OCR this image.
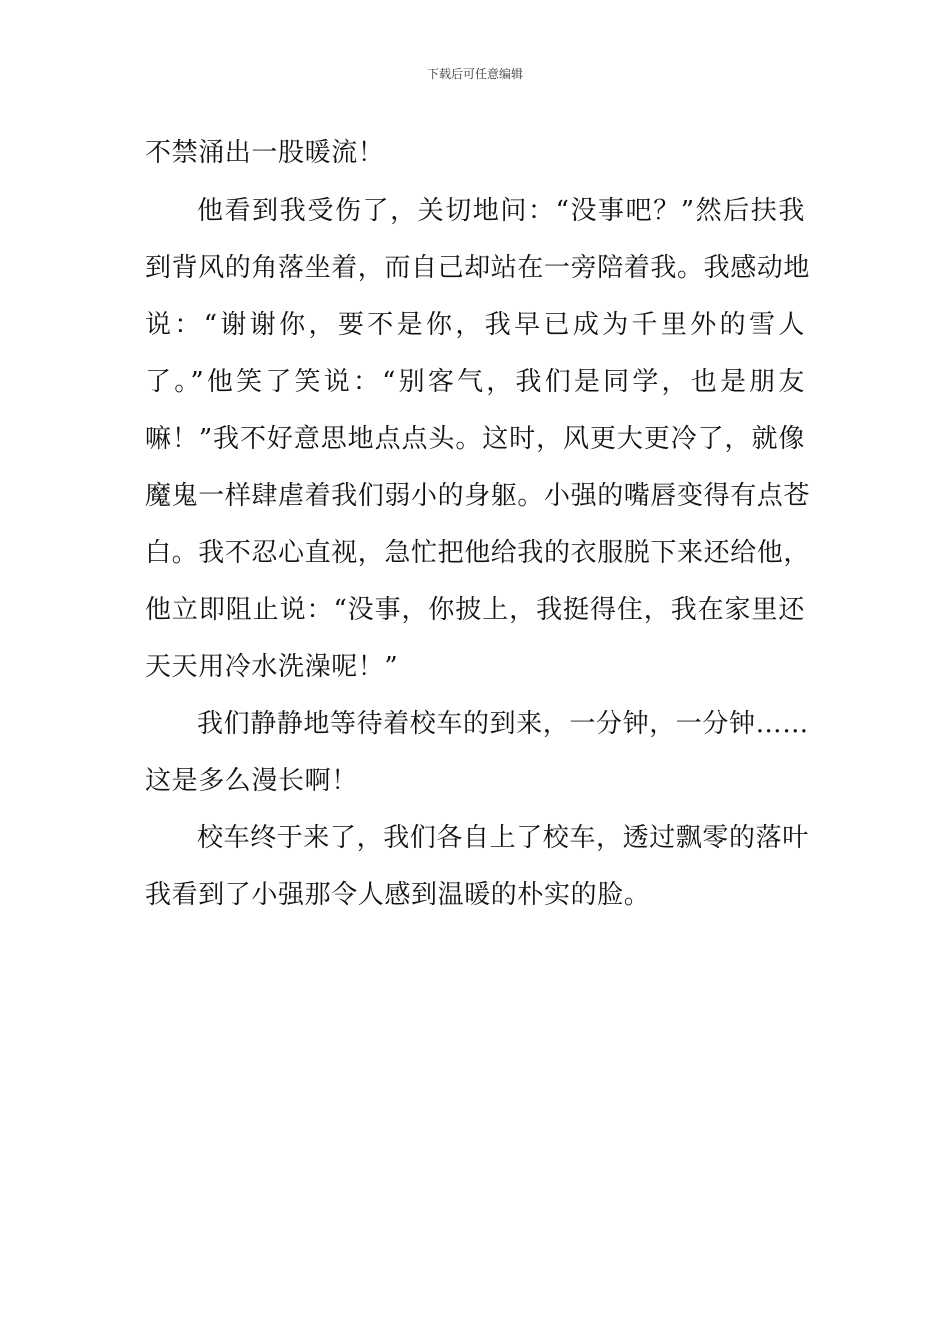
下载后可任意编辑
不禁涌出一股暖流！
他看到我受伤了，关切地问：“没事吧？”然后扶我
到背风的角落坐着，而自己却站在一旁陪着我。我感动地
说：“谢谢你，要不是你，我早已成为千里外的雪人
了。”他笑了笑说：“别客气，我们是同学，也是朋友
嘛！”我不好意思地点点头。这时，风更大更冷了，就像
魔鬼一样肆虐着我们弱小的身躯。小强的嘴唇变得有点苍
白。我不忍心直视，急忙把他给我的衣服脱下来还给他，
他立即阻止说：“没事，你披上，我挺得住，我在家里还
天天用冷水洗澡呢！”
我们静静地等待着校车的到来，一分钟，一分钟……
这是多么漫长啊！
校车终于来了，我们各自上了校车，透过飘零的落叶
我看到了小强那令人感到温暖的朴实的脸。
